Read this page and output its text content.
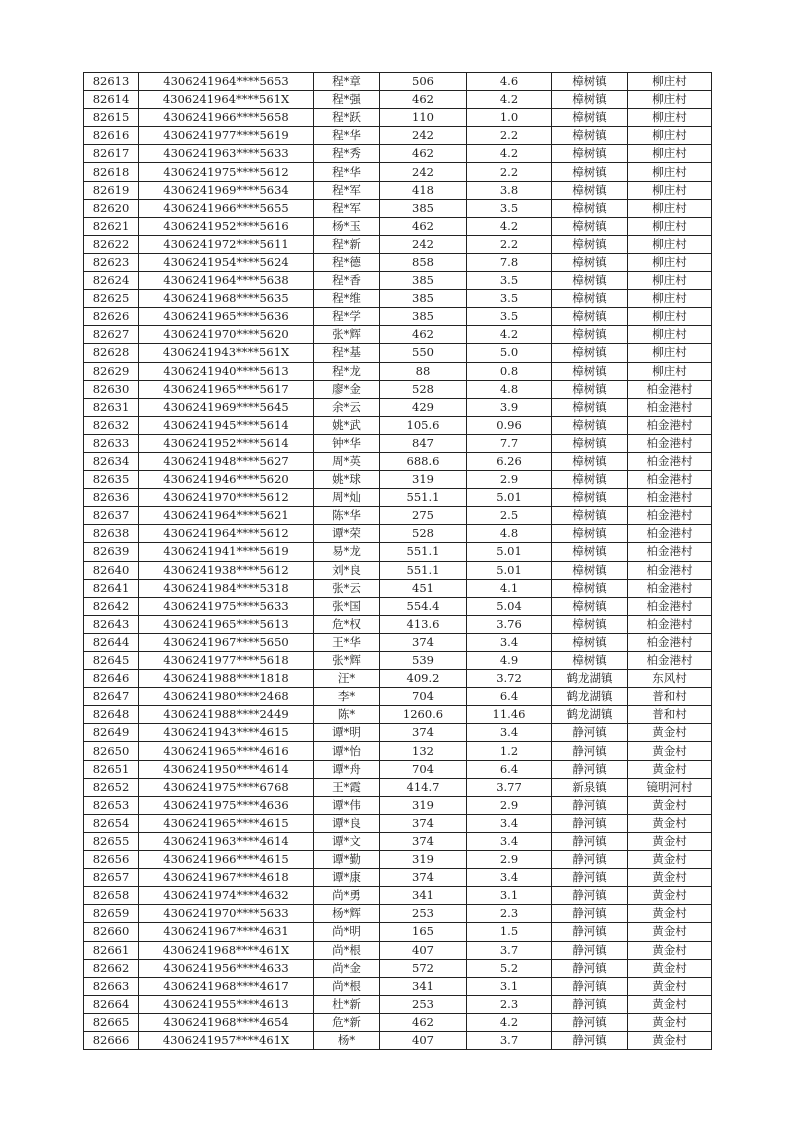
82613	4306241964****5653	程*章	506	4.6	樟树镇	柳庄村
82614	4306241964****561X	程*强	462	4.2	樟树镇	柳庄村
82615	4306241966****5658	程*跃	110	1.0	樟树镇	柳庄村
82616	4306241977****5619	程*华	242	2.2	樟树镇	柳庄村
82617	4306241963****5633	程*秀	462	4.2	樟树镇	柳庄村
82618	4306241975****5612	程*华	242	2.2	樟树镇	柳庄村
82619	4306241969****5634	程*军	418	3.8	樟树镇	柳庄村
82620	4306241966****5655	程*军	385	3.5	樟树镇	柳庄村
82621	4306241952****5616	杨*玉	462	4.2	樟树镇	柳庄村
82622	4306241972****5611	程*新	242	2.2	樟树镇	柳庄村
82623	4306241954****5624	程*德	858	7.8	樟树镇	柳庄村
82624	4306241964****5638	程*香	385	3.5	樟树镇	柳庄村
82625	4306241968****5635	程*维	385	3.5	樟树镇	柳庄村
82626	4306241965****5636	程*学	385	3.5	樟树镇	柳庄村
82627	4306241970****5620	张*辉	462	4.2	樟树镇	柳庄村
82628	4306241943****561X	程*基	550	5.0	樟树镇	柳庄村
82629	4306241940****5613	程*龙	88	0.8	樟树镇	柳庄村
82630	4306241965****5617	廖*金	528	4.8	樟树镇	柏金港村
82631	4306241969****5645	余*云	429	3.9	樟树镇	柏金港村
82632	4306241945****5614	姚*武	105.6	0.96	樟树镇	柏金港村
82633	4306241952****5614	钟*华	847	7.7	樟树镇	柏金港村
82634	4306241948****5627	周*英	688.6	6.26	樟树镇	柏金港村
82635	4306241946****5620	姚*球	319	2.9	樟树镇	柏金港村
82636	4306241970****5612	周*灿	551.1	5.01	樟树镇	柏金港村
82637	4306241964****5621	陈*华	275	2.5	樟树镇	柏金港村
82638	4306241964****5612	谭*荣	528	4.8	樟树镇	柏金港村
82639	4306241941****5619	易*龙	551.1	5.01	樟树镇	柏金港村
82640	4306241938****5612	刘*良	551.1	5.01	樟树镇	柏金港村
82641	4306241984****5318	张*云	451	4.1	樟树镇	柏金港村
82642	4306241975****5633	张*国	554.4	5.04	樟树镇	柏金港村
82643	4306241965****5613	危*权	413.6	3.76	樟树镇	柏金港村
82644	4306241967****5650	王*华	374	3.4	樟树镇	柏金港村
82645	4306241977****5618	张*辉	539	4.9	樟树镇	柏金港村
82646	4306241988****1818	汪*	409.2	3.72	鹤龙湖镇	东风村
82647	4306241980****2468	李*	704	6.4	鹤龙湖镇	普和村
82648	4306241988****2449	陈*	1260.6	11.46	鹤龙湖镇	普和村
82649	4306241943****4615	谭*明	374	3.4	静河镇	黄金村
82650	4306241965****4616	谭*怡	132	1.2	静河镇	黄金村
82651	4306241950****4614	谭*舟	704	6.4	静河镇	黄金村
82652	4306241975****6768	王*霞	414.7	3.77	新泉镇	镜明河村
82653	4306241975****4636	谭*伟	319	2.9	静河镇	黄金村
82654	4306241965****4615	谭*良	374	3.4	静河镇	黄金村
82655	4306241963****4614	谭*文	374	3.4	静河镇	黄金村
82656	4306241966****4615	谭*勤	319	2.9	静河镇	黄金村
82657	4306241967****4618	谭*康	374	3.4	静河镇	黄金村
82658	4306241974****4632	尚*勇	341	3.1	静河镇	黄金村
82659	4306241970****5633	杨*辉	253	2.3	静河镇	黄金村
82660	4306241967****4631	尚*明	165	1.5	静河镇	黄金村
82661	4306241968****461X	尚*根	407	3.7	静河镇	黄金村
82662	4306241956****4633	尚*金	572	5.2	静河镇	黄金村
82663	4306241968****4617	尚*根	341	3.1	静河镇	黄金村
82664	4306241955****4613	杜*新	253	2.3	静河镇	黄金村
82665	4306241968****4654	危*新	462	4.2	静河镇	黄金村
82666	4306241957****461X	杨*	407	3.7	静河镇	黄金村
